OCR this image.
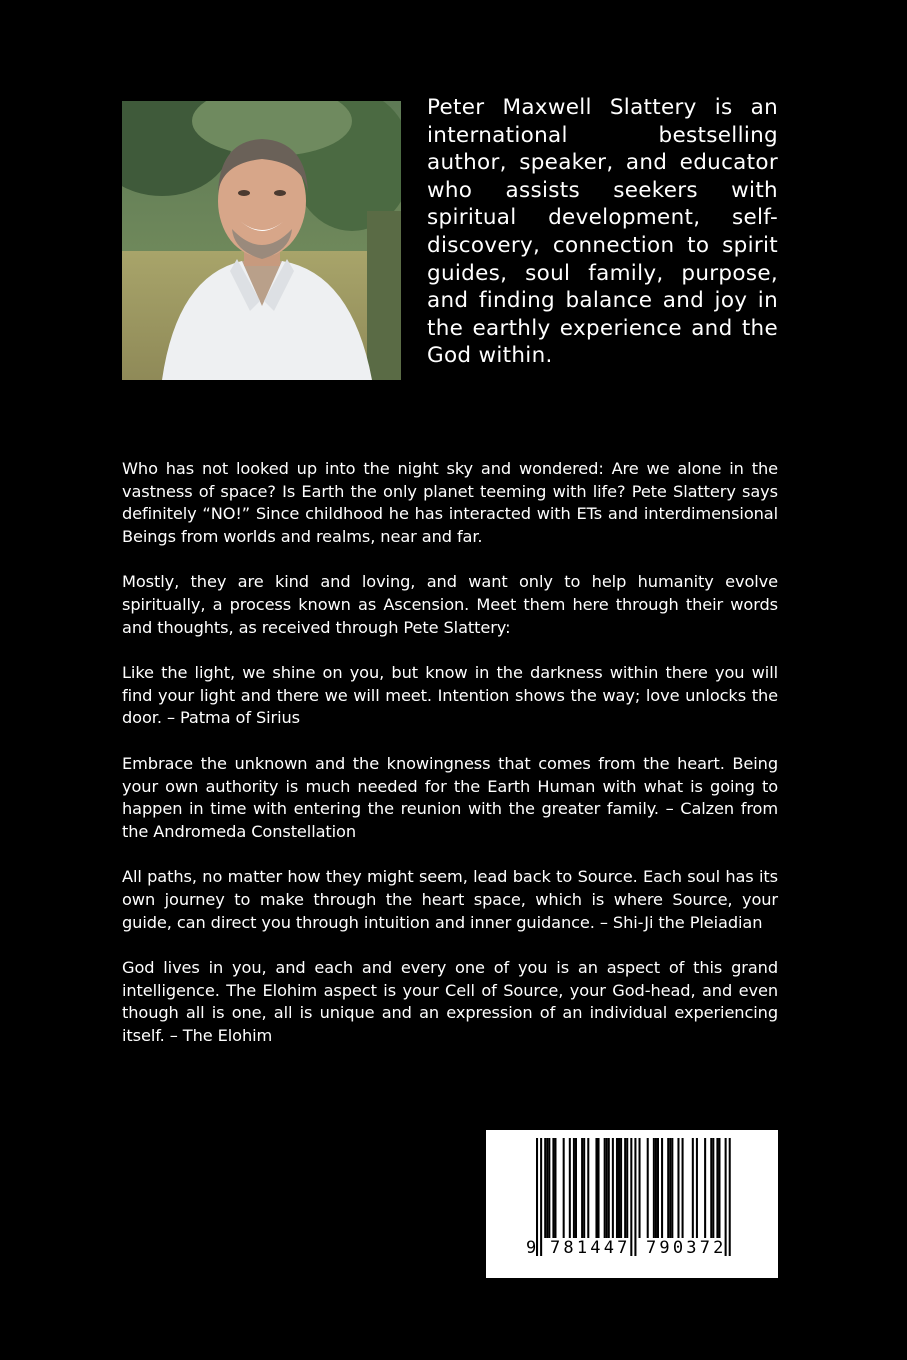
Peter Maxwell Slattery is an international bestselling author, speaker, and educator who assists seekers with spiritual development, self-discovery, connection to spirit guides, soul family, purpose, and finding balance and joy in the earthly experience and the God within.

Who has not looked up into the night sky and wondered: Are we alone in the vastness of space? Is Earth the only planet teeming with life? Pete Slattery says definitely “NO!” Since childhood he has interacted with ETs and interdimensional Beings from worlds and realms, near and far.

Mostly, they are kind and loving, and want only to help humanity evolve spiritually, a process known as Ascension. Meet them here through their words and thoughts, as received through Pete Slattery:

Like the light, we shine on you, but know in the darkness within there you will find your light and there we will meet. Intention shows the way; love unlocks the door. – Patma of Sirius

Embrace the unknown and the knowingness that comes from the heart. Being your own authority is much needed for the Earth Human with what is going to happen in time with entering the reunion with the greater family. – Calzen from the Andromeda Constellation

All paths, no matter how they might seem, lead back to Source. Each soul has its own journey to make through the heart space, which is where Source, your guide, can direct you through intuition and inner guidance. – Shi-Ji the Pleiadian

God lives in you, and each and every one of you is an aspect of this grand intelligence. The Elohim aspect is your Cell of Source, your God-head, and even though all is one, all is unique and an expression of an individual experiencing itself. – The Elohim

9 781447 790372
